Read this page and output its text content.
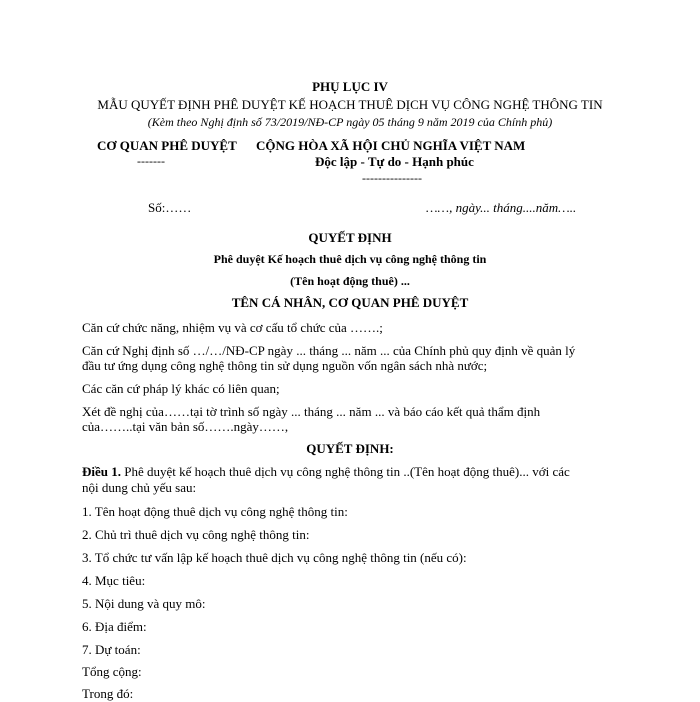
PHỤ LỤC IV
MẪU QUYẾT ĐỊNH PHÊ DUYỆT KẾ HOẠCH THUÊ DỊCH VỤ CÔNG NGHỆ THÔNG TIN
(Kèm theo Nghị định số 73/2019/NĐ-CP ngày 05 tháng 9 năm 2019 của Chính phủ)
CƠ QUAN PHÊ DUYỆT
-------
CỘNG HÒA XÃ HỘI CHỦ NGHĨA VIỆT NAM
Độc lập - Tự do - Hạnh phúc
---------------
Số:……	……, ngày... tháng....năm…..
QUYẾT ĐỊNH
Phê duyệt Kế hoạch thuê dịch vụ công nghệ thông tin
(Tên hoạt động thuê) ...
TÊN CÁ NHÂN, CƠ QUAN PHÊ DUYỆT
Căn cứ chức năng, nhiệm vụ và cơ cấu tổ chức của …….;
Căn cứ Nghị định số …/…/NĐ-CP ngày ... tháng ... năm ... của Chính phủ quy định về quản lý
đầu tư ứng dụng công nghệ thông tin sử dụng nguồn vốn ngân sách nhà nước;
Các căn cứ pháp lý khác có liên quan;
Xét đề nghị của……tại tờ trình số ngày ... tháng ... năm ... và báo cáo kết quả thẩm định
của……..tại văn bản số…….ngày……,
QUYẾT ĐỊNH:
Điều 1. Phê duyệt kế hoạch thuê dịch vụ công nghệ thông tin ..(Tên hoạt động thuê)... với các
nội dung chủ yếu sau:
1. Tên hoạt động thuê dịch vụ công nghệ thông tin:
2. Chủ trì thuê dịch vụ công nghệ thông tin:
3. Tổ chức tư vấn lập kế hoạch thuê dịch vụ công nghệ thông tin (nếu có):
4. Mục tiêu:
5. Nội dung và quy mô:
6. Địa điểm:
7. Dự toán:
Tổng cộng:
Trong đó:
